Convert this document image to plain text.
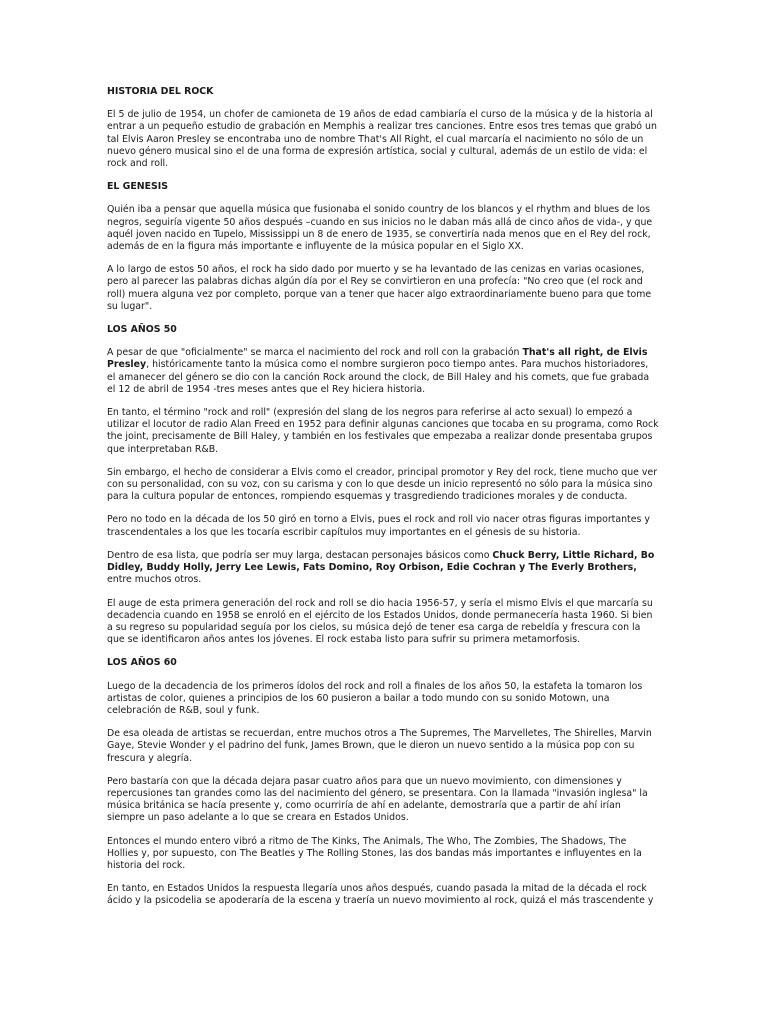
HISTORIA DEL ROCK

El 5 de julio de 1954, un chofer de camioneta de 19 años de edad cambiaría el curso de la música y de la historia al entrar a un pequeño estudio de grabación en Memphis a realizar tres canciones. Entre esos tres temas que grabó un tal Elvis Aaron Presley se encontraba uno de nombre That's All Right, el cual marcaría el nacimiento no sólo de un nuevo género musical sino el de una forma de expresión artística, social y cultural, además de un estilo de vida: el rock and roll.

EL GENESIS

Quién iba a pensar que aquella música que fusionaba el sonido country de los blancos y el rhythm and blues de los negros, seguiría vigente 50 años después –cuando en sus inicios no le daban más allá de cinco años de vida-, y que aquél joven nacido en Tupelo, Mississippi un 8 de enero de 1935, se convertiría nada menos que en el Rey del rock, además de en la figura más importante e influyente de la música popular en el Siglo XX.

A lo largo de estos 50 años, el rock ha sido dado por muerto y se ha levantado de las cenizas en varias ocasiones, pero al parecer las palabras dichas algún día por el Rey se convirtieron en una profecía: "No creo que (el rock and roll) muera alguna vez por completo, porque van a tener que hacer algo extraordinariamente bueno para que tome su lugar".

LOS AÑOS 50

A pesar de que "oficialmente" se marca el nacimiento del rock and roll con la grabación That's all right, de Elvis Presley, históricamente tanto la música como el nombre surgieron poco tiempo antes. Para muchos historiadores, el amanecer del género se dio con la canción Rock around the clock, de Bill Haley and his comets, que fue grabada el 12 de abril de 1954 -tres meses antes que el Rey hiciera historia.

En tanto, el término "rock and roll" (expresión del slang de los negros para referirse al acto sexual) lo empezó a utilizar el locutor de radio Alan Freed en 1952 para definir algunas canciones que tocaba en su programa, como Rock the joint, precisamente de Bill Haley, y también en los festivales que empezaba a realizar donde presentaba grupos que interpretaban R&B.

Sin embargo, el hecho de considerar a Elvis como el creador, principal promotor y Rey del rock, tiene mucho que ver con su personalidad, con su voz, con su carisma y con lo que desde un inicio representó no sólo para la música sino para la cultura popular de entonces, rompiendo esquemas y trasgrediendo tradiciones morales y de conducta.

Pero no todo en la década de los 50 giró en torno a Elvis, pues el rock and roll vio nacer otras figuras importantes y trascendentales a los que les tocaría escribir capítulos muy importantes en el génesis de su historia.

Dentro de esa lista, que podría ser muy larga, destacan personajes básicos como Chuck Berry, Little Richard, Bo Didley, Buddy Holly, Jerry Lee Lewis, Fats Domino, Roy Orbison, Edie Cochran y The Everly Brothers, entre muchos otros.

El auge de esta primera generación del rock and roll se dio hacia 1956-57, y sería el mismo Elvis el que marcaría su decadencia cuando en 1958 se enroló en el ejército de los Estados Unidos, donde permanecería hasta 1960. Si bien a su regreso su popularidad seguía por los cielos, su música dejó de tener esa carga de rebeldía y frescura con la que se identificaron años antes los jóvenes. El rock estaba listo para sufrir su primera metamorfosis.

LOS AÑOS 60

Luego de la decadencia de los primeros ídolos del rock and roll a finales de los años 50, la estafeta la tomaron los artistas de color, quienes a principios de los 60 pusieron a bailar a todo mundo con su sonido Motown, una celebración de R&B, soul y funk.

De esa oleada de artistas se recuerdan, entre muchos otros a The Supremes, The Marvelletes, The Shirelles, Marvin Gaye, Stevie Wonder y el padrino del funk, James Brown, que le dieron un nuevo sentido a la música pop con su frescura y alegría.

Pero bastaría con que la década dejara pasar cuatro años para que un nuevo movimiento, con dimensiones y repercusiones tan grandes como las del nacimiento del género, se presentara. Con la llamada "invasión inglesa" la música británica se hacía presente y, como ocurriría de ahí en adelante, demostraría que a partir de ahí irían siempre un paso adelante a lo que se creara en Estados Unidos.

Entonces el mundo entero vibró a ritmo de The Kinks, The Animals, The Who, The Zombies, The Shadows, The Hollies y, por supuesto, con The Beatles y The Rolling Stones, las dos bandas más importantes e influyentes en la historia del rock.

En tanto, en Estados Unidos la respuesta llegaría unos años después, cuando pasada la mitad de la década el rock ácido y la psicodelia se apoderaría de la escena y traería un nuevo movimiento al rock, quizá el más trascendente y
